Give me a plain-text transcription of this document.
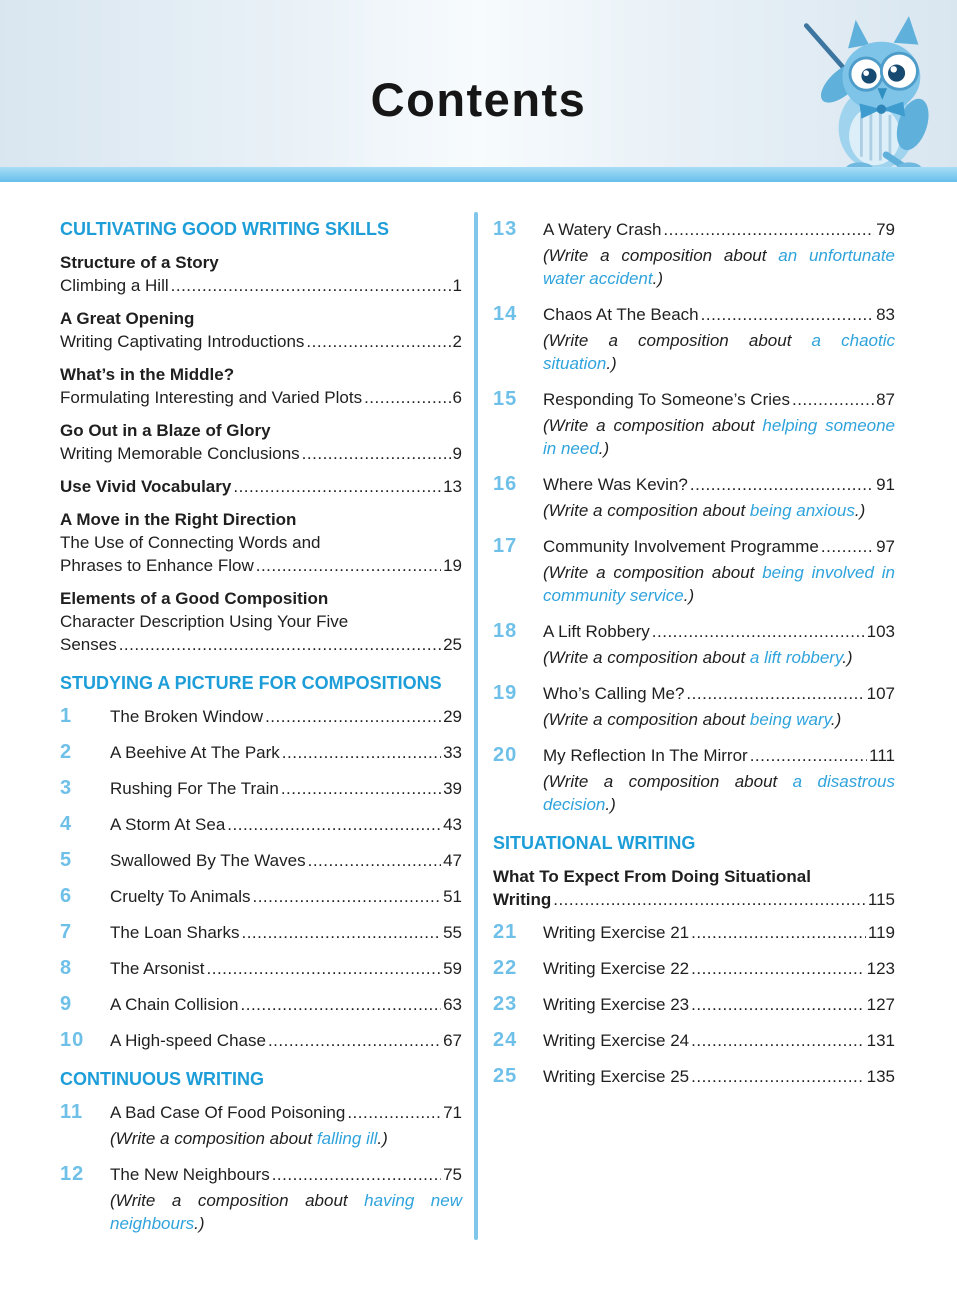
Contents
CULTIVATING GOOD WRITING SKILLS
Structure of a Story
Climbing a Hill .....	1
A Great Opening
Writing Captivating Introductions .....	2
What’s in the Middle?
Formulating Interesting and Varied Plots .....	6
Go Out in a Blaze of Glory
Writing Memorable Conclusions .....	9
Use Vivid Vocabulary .....	13
A Move in the Right Direction
The Use of Connecting Words and
Phrases to Enhance Flow .....	19
Elements of a Good Composition
Character Description Using Your Five
Senses .....	25
STUDYING A PICTURE FOR COMPOSITIONS
1	The Broken Window .....	29
2	A Beehive At The Park .....	33
3	Rushing For The Train .....	39
4	A Storm At Sea .....	43
5	Swallowed By The Waves .....	47
6	Cruelty To Animals .....	51
7	The Loan Sharks .....	55
8	The Arsonist .....	59
9	A Chain Collision .....	63
10	A High-speed Chase .....	67
CONTINUOUS WRITING
11	A Bad Case Of Food Poisoning .....	71
(Write a composition about falling ill.)
12	The New Neighbours .....	75
(Write a composition about having new neighbours.)
13	A Watery Crash .....	79
(Write a composition about an unfortunate water accident.)
14	Chaos At The Beach .....	83
(Write a composition about a chaotic situation.)
15	Responding To Someone’s Cries .....	87
(Write a composition about helping someone in need.)
16	Where Was Kevin? .....	91
(Write a composition about being anxious.)
17	Community Involvement Programme .....	97
(Write a composition about being involved in community service.)
18	A Lift Robbery .....	103
(Write a composition about a lift robbery.)
19	Who’s Calling Me? .....	107
(Write a composition about being wary.)
20	My Reflection In The Mirror .....	111
(Write a composition about a disastrous decision.)
SITUATIONAL WRITING
What To Expect From Doing Situational
Writing .....	115
21	Writing Exercise 21 .....	119
22	Writing Exercise 22 .....	123
23	Writing Exercise 23 .....	127
24	Writing Exercise 24 .....	131
25	Writing Exercise 25 .....	135
